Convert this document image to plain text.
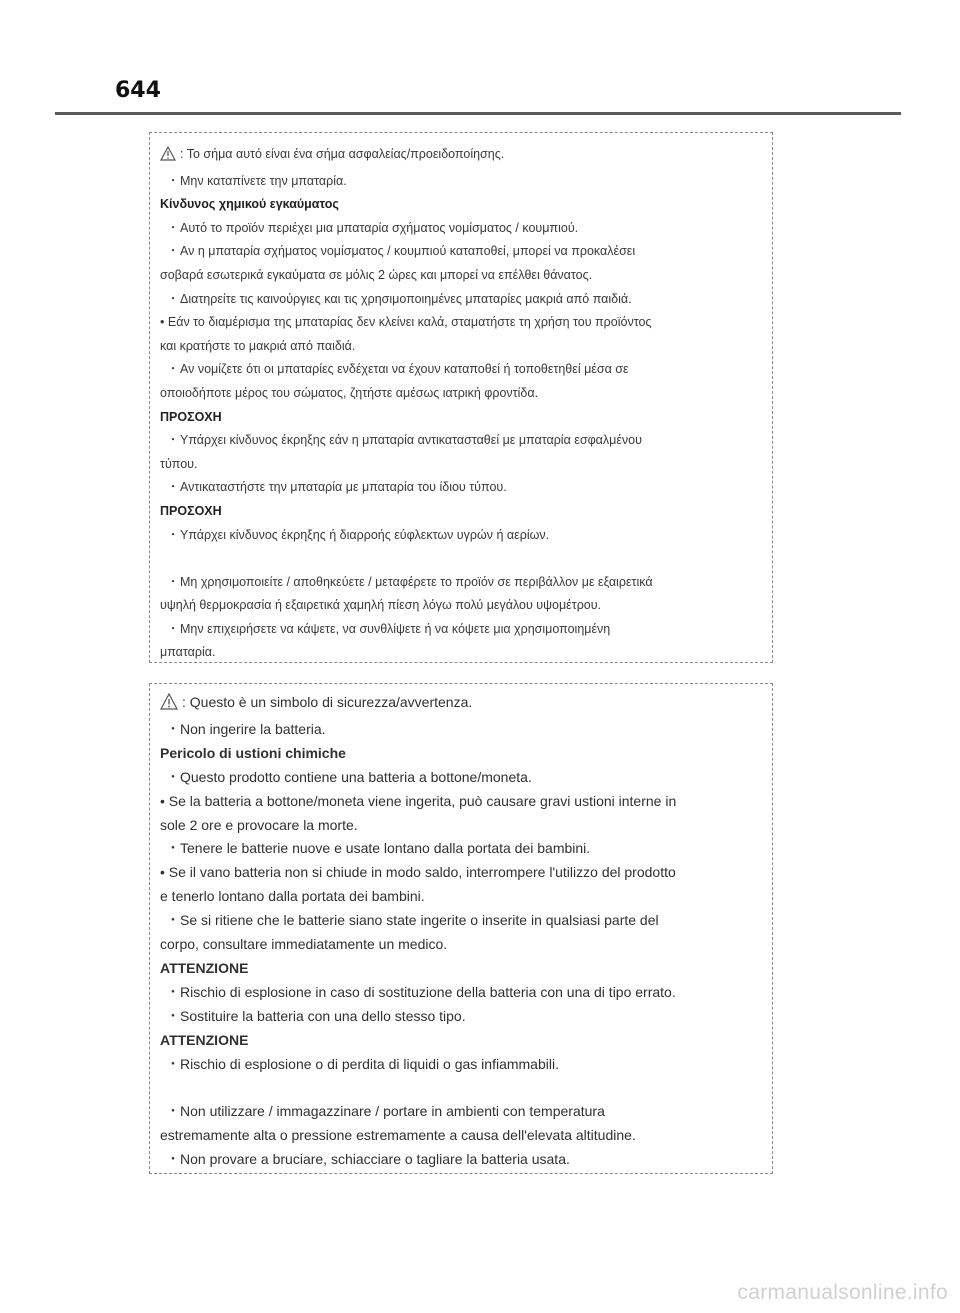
644
: Το σήμα αυτό είναι ένα σήμα ασφαλείας/προειδοποίησης.
・Μην καταπίνετε την μπαταρία.
Κίνδυνος χημικού εγκαύματος
・Αυτό το προϊόν περιέχει μια μπαταρία σχήματος νομίσματος / κουμπιού.
・Αν η μπαταρία σχήματος νομίσματος / κουμπιού καταποθεί, μπορεί να προκαλέσει
σοβαρά εσωτερικά εγκαύματα σε μόλις 2 ώρες και μπορεί να επέλθει θάνατος.
・Διατηρείτε τις καινούργιες και τις χρησιμοποιημένες μπαταρίες μακριά από παιδιά.
• Εάν το διαμέρισμα της μπαταρίας δεν κλείνει καλά, σταματήστε τη χρήση του προϊόντος
και κρατήστε το μακριά από παιδιά.
・Αν νομίζετε ότι οι μπαταρίες ενδέχεται να έχουν καταποθεί ή τοποθετηθεί μέσα σε
οποιοδήποτε μέρος του σώματος, ζητήστε αμέσως ιατρική φροντίδα.
ΠΡΟΣΟΧΗ
・Υπάρχει κίνδυνος έκρηξης εάν η μπαταρία αντικατασταθεί με μπαταρία εσφαλμένου
τύπου.
・Αντικαταστήστε την μπαταρία με μπαταρία του ίδιου τύπου.
ΠΡΟΣΟΧΗ
・Υπάρχει κίνδυνος έκρηξης ή διαρροής εύφλεκτων υγρών ή αερίων.
・Μη χρησιμοποιείτε / αποθηκεύετε / μεταφέρετε το προϊόν σε περιβάλλον με εξαιρετικά
υψηλή θερμοκρασία ή εξαιρετικά χαμηλή πίεση λόγω πολύ μεγάλου υψομέτρου.
・Μην επιχειρήσετε να κάψετε, να συνθλίψετε ή να κόψετε μια χρησιμοποιημένη
μπαταρία.
: Questo è un simbolo di sicurezza/avvertenza.
・Non ingerire la batteria.
Pericolo di ustioni chimiche
・Questo prodotto contiene una batteria a bottone/moneta.
• Se la batteria a bottone/moneta viene ingerita, può causare gravi ustioni interne in
sole 2 ore e provocare la morte.
・Tenere le batterie nuove e usate lontano dalla portata dei bambini.
• Se il vano batteria non si chiude in modo saldo, interrompere l'utilizzo del prodotto
e tenerlo lontano dalla portata dei bambini.
・Se si ritiene che le batterie siano state ingerite o inserite in qualsiasi parte del
corpo, consultare immediatamente un medico.
ATTENZIONE
・Rischio di esplosione in caso di sostituzione della batteria con una di tipo errato.
・Sostituire la batteria con una dello stesso tipo.
ATTENZIONE
・Rischio di esplosione o di perdita di liquidi o gas infiammabili.
・Non utilizzare / immagazzinare / portare in ambienti con temperatura
estremamente alta o pressione estremamente a causa dell'elevata altitudine.
・Non provare a bruciare, schiacciare o tagliare la batteria usata.
carmanualsonline.info
